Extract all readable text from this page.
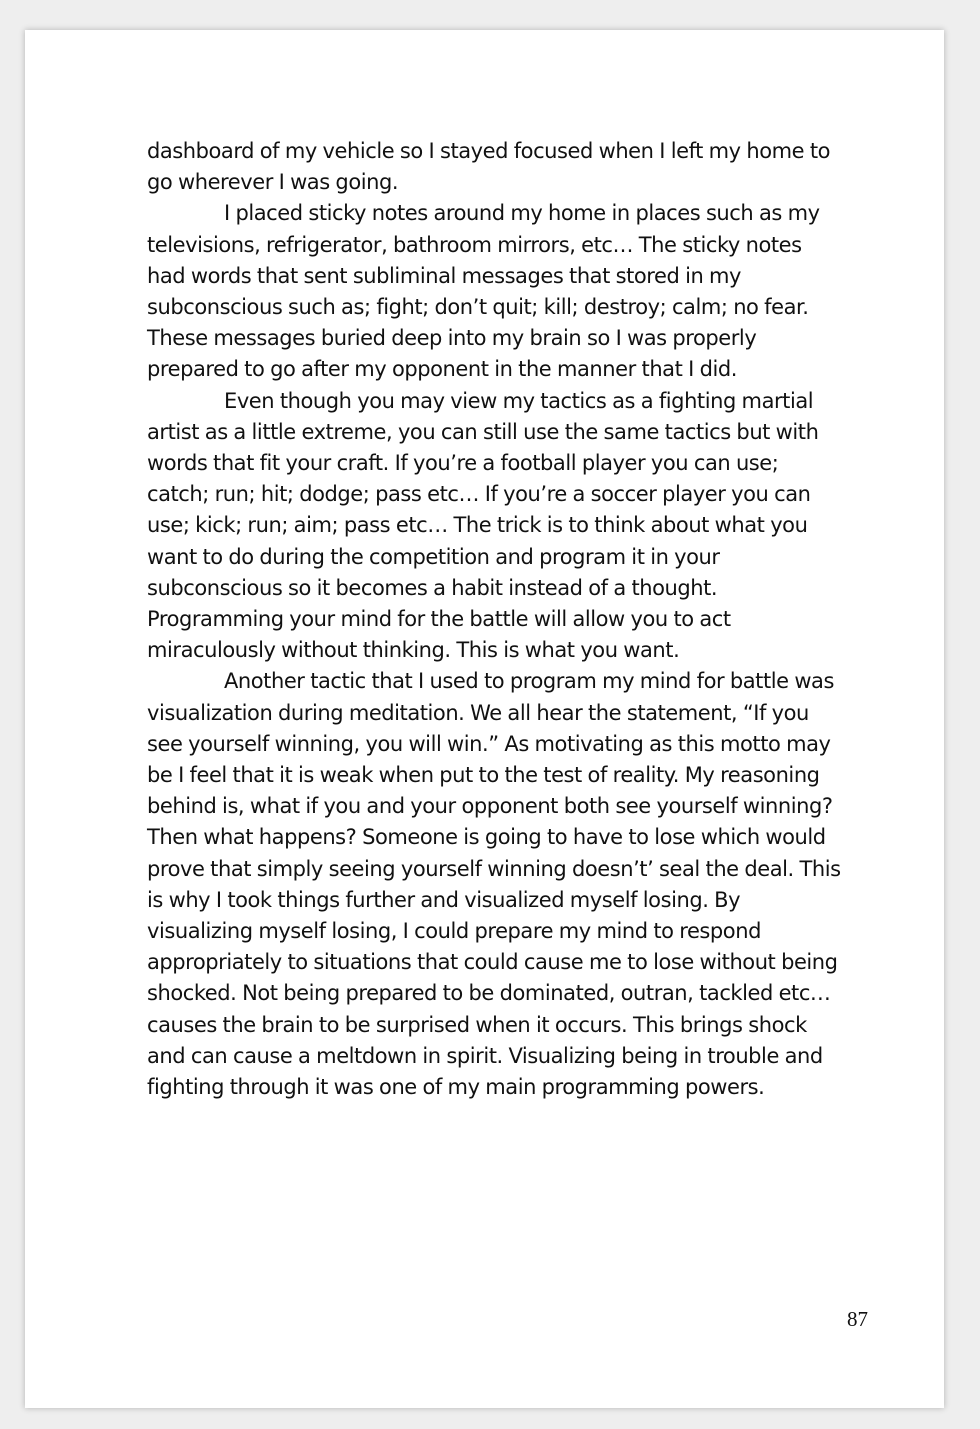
dashboard of my vehicle so I stayed focused when I left my home to
go wherever I was going.

I placed sticky notes around my home in places such as my
televisions, refrigerator, bathroom mirrors, etc… The sticky notes
had words that sent subliminal messages that stored in my
subconscious such as; fight; don’t quit; kill; destroy; calm; no fear.
These messages buried deep into my brain so I was properly
prepared to go after my opponent in the manner that I did.

Even though you may view my tactics as a fighting martial
artist as a little extreme, you can still use the same tactics but with
words that fit your craft. If you’re a football player you can use;
catch; run; hit; dodge; pass etc… If you’re a soccer player you can
use; kick; run; aim; pass etc… The trick is to think about what you
want to do during the competition and program it in your
subconscious so it becomes a habit instead of a thought.
Programming your mind for the battle will allow you to act
miraculously without thinking. This is what you want.

Another tactic that I used to program my mind for battle was
visualization during meditation. We all hear the statement, “If you
see yourself winning, you will win.” As motivating as this motto may
be I feel that it is weak when put to the test of reality. My reasoning
behind is, what if you and your opponent both see yourself winning?
Then what happens? Someone is going to have to lose which would
prove that simply seeing yourself winning doesn’t’ seal the deal. This
is why I took things further and visualized myself losing. By
visualizing myself losing, I could prepare my mind to respond
appropriately to situations that could cause me to lose without being
shocked. Not being prepared to be dominated, outran, tackled etc…
causes the brain to be surprised when it occurs. This brings shock
and can cause a meltdown in spirit. Visualizing being in trouble and
fighting through it was one of my main programming powers.

87
